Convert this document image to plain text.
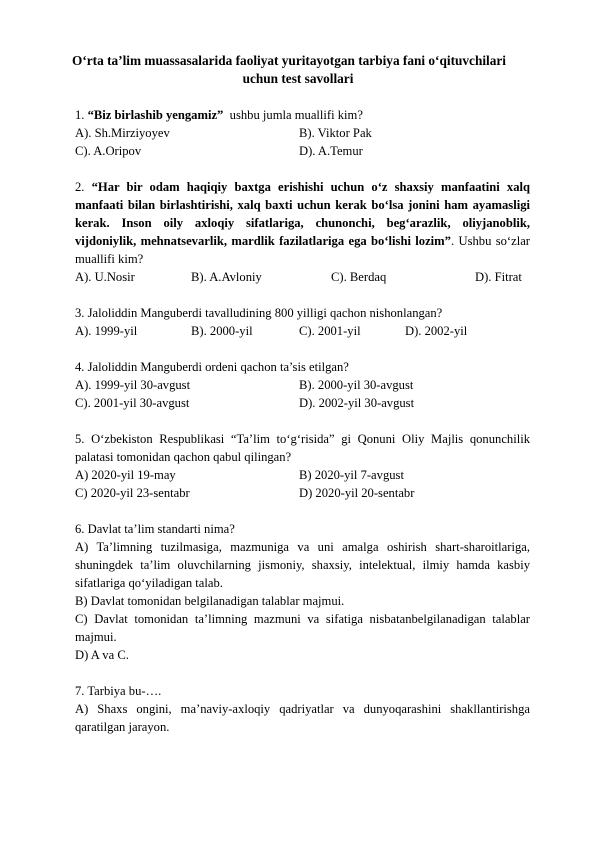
O‘rta ta’lim muassasalarida faoliyat yuritayotgan tarbiya fani o‘qituvchilari
uchun test savollari

1. “Biz birlashib yengamiz” ushbu jumla muallifi kim?

A). Sh.Mirziyoyev	B). Viktor Pak
C). A.Oripov	D). A.Temur

2. “Har bir odam haqiqiy baxtga erishishi uchun o‘z shaxsiy manfaatini xalq manfaati bilan birlashtirishi, xalq baxti uchun kerak bo‘lsa jonini ham ayamasligi kerak. Inson oily axloqiy sifatlariga, chunonchi, beg‘arazlik, oliyjanoblik, vijdoniylik, mehnatsevarlik, mardlik fazilatlariga ega bo‘lishi lozim”. Ushbu so‘zlar muallifi kim?

A). U.Nosir	B). A.Avloniy	C). Berdaq	D). Fitrat

3. Jaloliddin Manguberdi tavalludining 800 yilligi qachon nishonlangan?

A). 1999-yil	B). 2000-yil	C). 2001-yil	D). 2002-yil

4. Jaloliddin Manguberdi ordeni qachon ta’sis etilgan?

A). 1999-yil 30-avgust	B). 2000-yil 30-avgust
C). 2001-yil 30-avgust	D). 2002-yil 30-avgust

5. O‘zbekiston Respublikasi “Ta’lim to‘g‘risida” gi Qonuni Oliy Majlis qonunchilik palatasi tomonidan qachon qabul qilingan?

A) 2020-yil 19-may	B) 2020-yil 7-avgust
C) 2020-yil 23-sentabr	D) 2020-yil 20-sentabr

6. Davlat ta’lim standarti nima?

A) Ta’limning tuzilmasiga, mazmuniga va uni amalga oshirish shart-sharoitlariga, shuningdek ta’lim oluvchilarning jismoniy, shaxsiy, intelektual, ilmiy hamda kasbiy sifatlariga qo‘yiladigan talab.

B) Davlat tomonidan belgilanadigan talablar majmui.

C) Davlat tomonidan ta’limning mazmuni va sifatiga nisbatanbelgilanadigan talablar majmui.

D) A va C.

7. Tarbiya bu-….

A) Shaxs ongini, ma’naviy-axloqiy qadriyatlar va dunyoqarashini shakllantirishga qaratilgan jarayon.
